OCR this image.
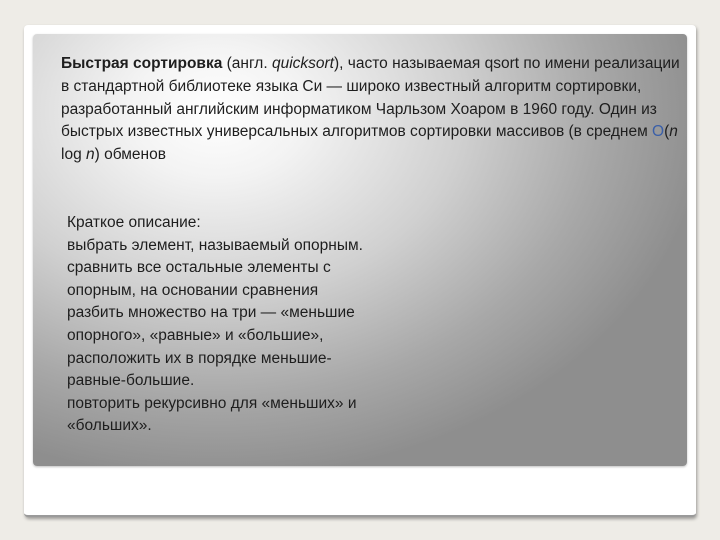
Быстрая сортировка (англ. quicksort), часто называемая qsort по имени реализации в стандартной библиотеке языка Си — широко известный алгоритм сортировки, разработанный английским информатиком Чарльзом Хоаром в 1960 году. Один из быстрых известных универсальных алгоритмов сортировки массивов (в среднем O(n log n) обменов

Краткое описание:
выбрать элемент, называемый опорным.
сравнить все остальные элементы с
опорным, на основании сравнения
разбить множество на три — «меньшие
опорного», «равные» и «большие»,
расположить их в порядке меньшие-
равные-большие.
повторить рекурсивно для «меньших» и
«больших».
